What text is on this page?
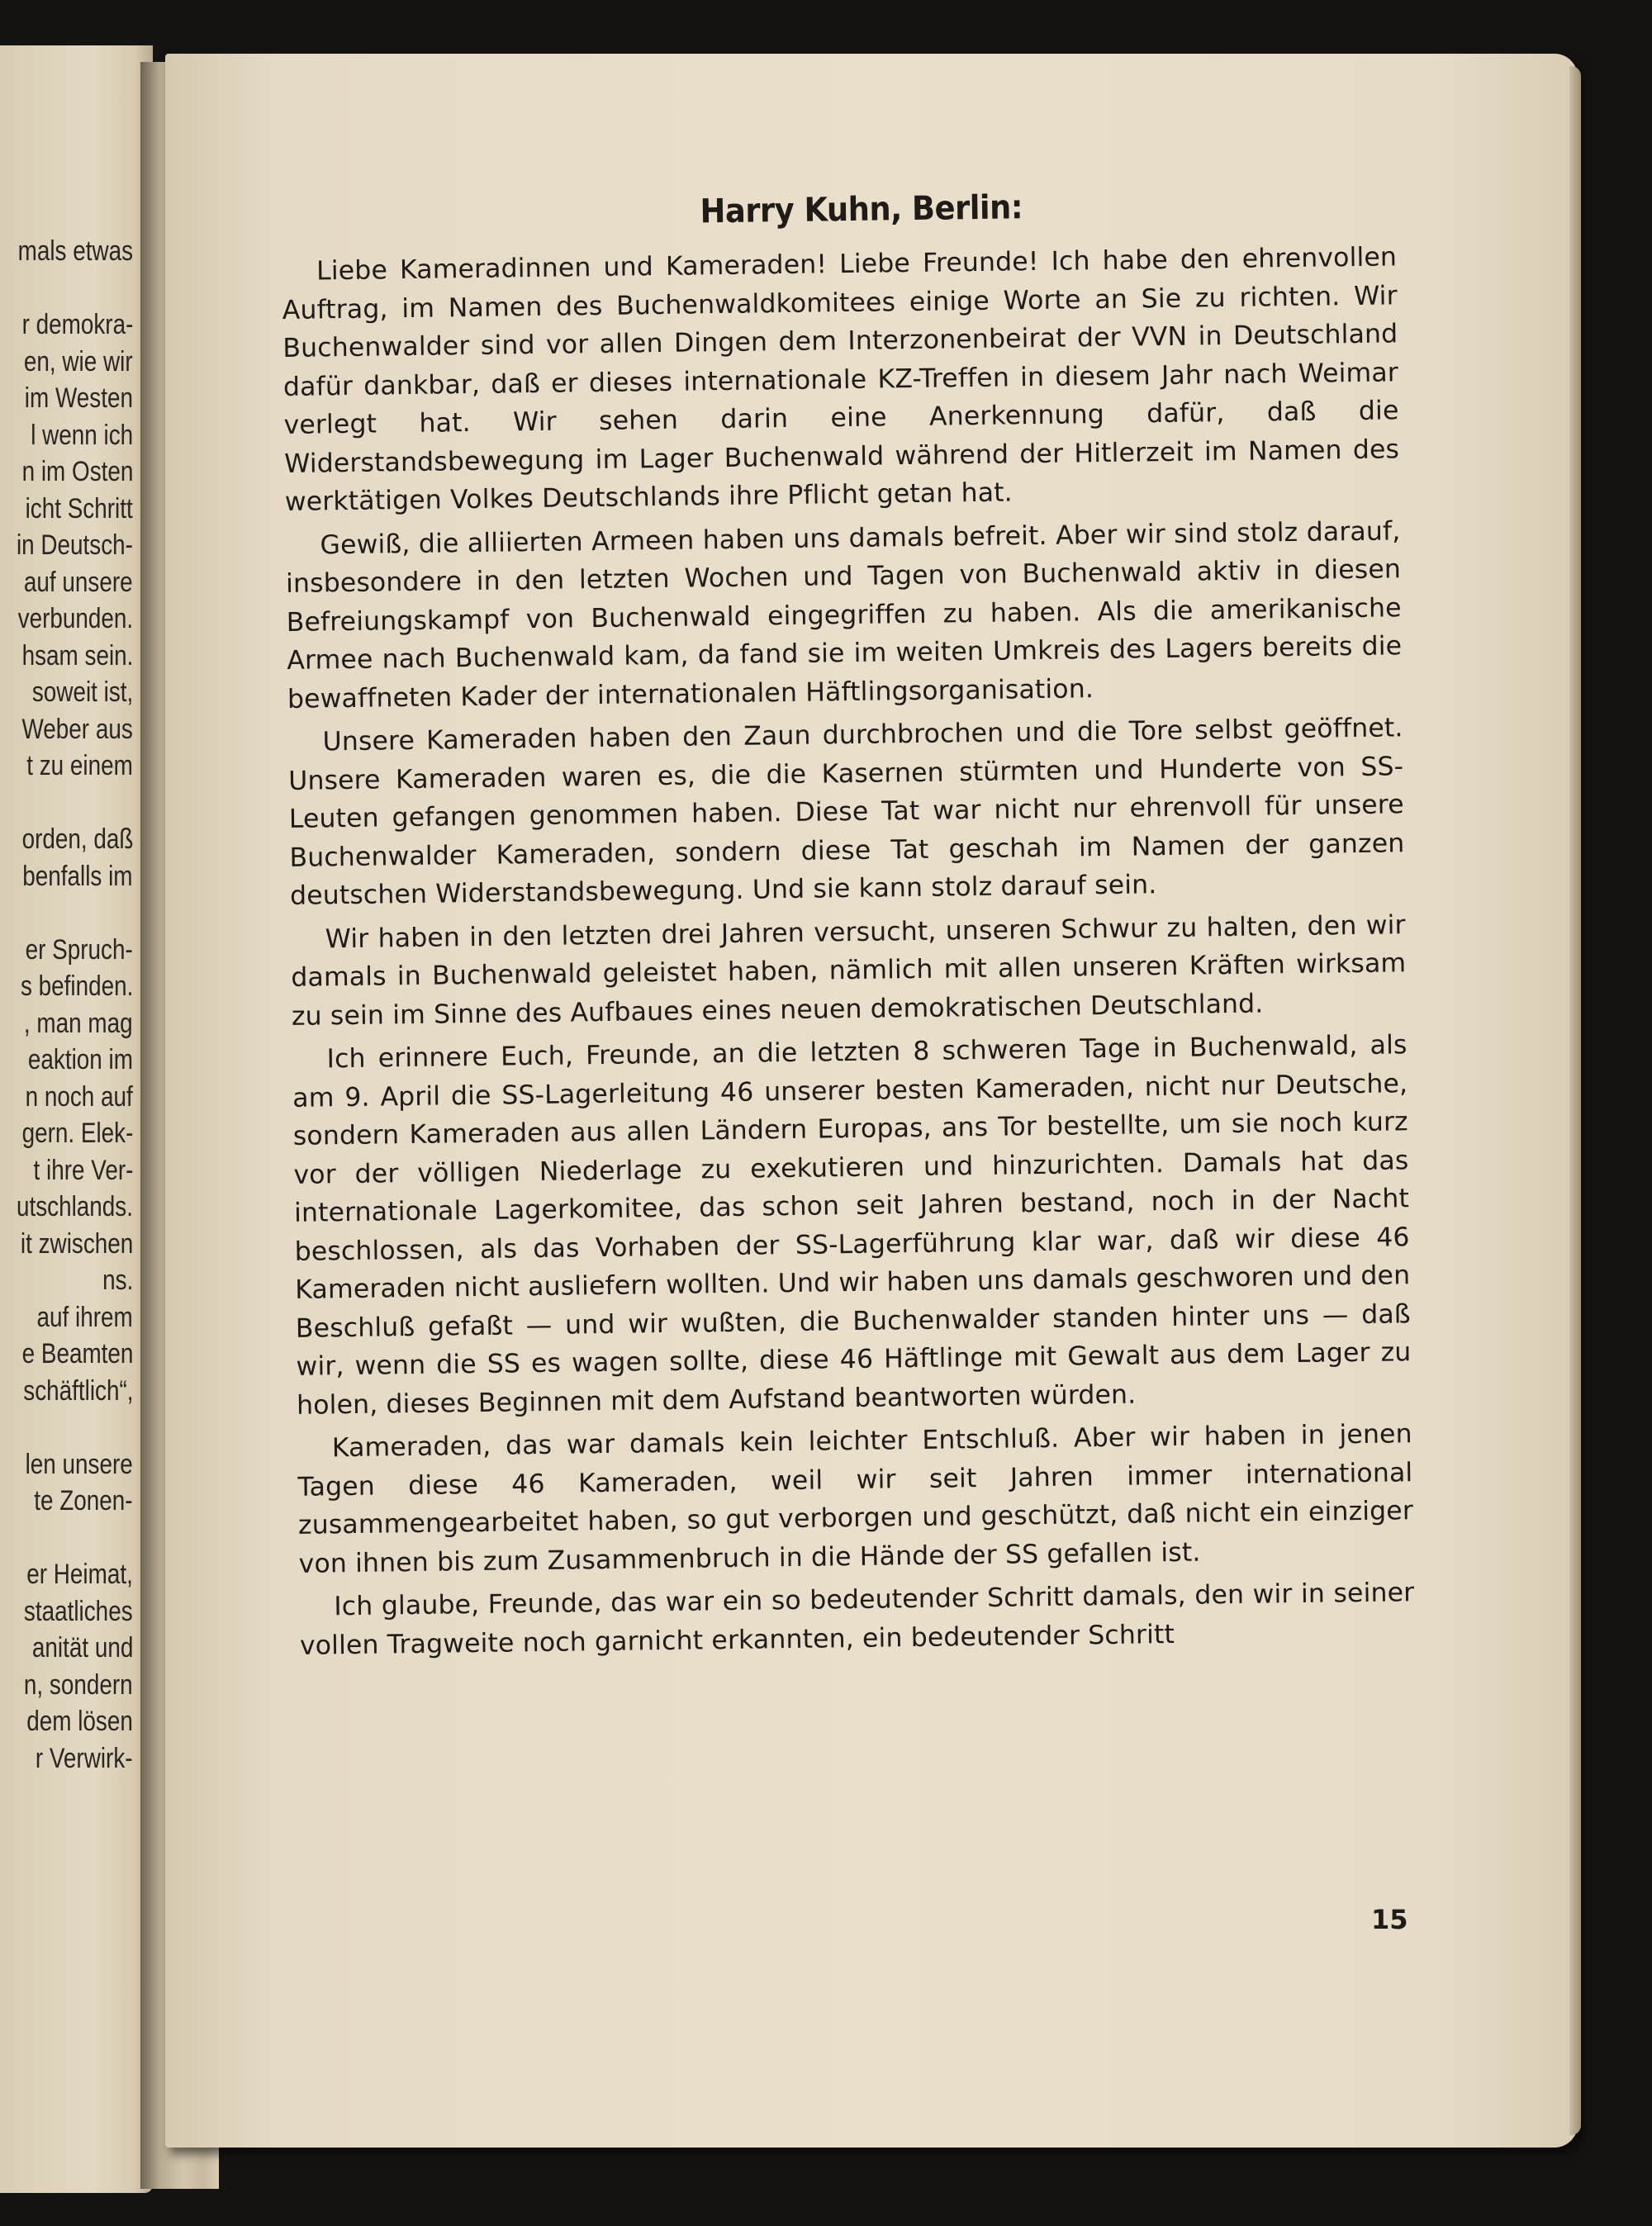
mals etwas
r demokra-
en, wie wir
im Westen
l wenn ich
n im Osten
icht Schritt
in Deutsch-
auf unsere
verbunden.
hsam sein.
soweit ist,
Weber aus
t zu einem
orden, daß
benfalls im
er Spruch-
s befinden.
, man mag
eaktion im
n noch auf
gern. Elek-
t ihre Ver-
utschlands.
it zwischen
ns.
auf ihrem
e Beamten
schäftlich“,
len unsere
te Zonen-
er Heimat,
staatliches
anität und
n, sondern
dem lösen
r Verwirk-
Harry Kuhn, Berlin:

Liebe Kameradinnen und Kameraden! Liebe Freunde! Ich habe den ehrenvollen Auftrag, im Namen des Buchenwaldkomitees einige Worte an Sie zu richten. Wir Buchenwalder sind vor allen Dingen dem Interzonenbeirat der VVN in Deutschland dafür dankbar, daß er dieses internationale KZ-Treffen in diesem Jahr nach Weimar verlegt hat. Wir sehen darin eine Anerkennung dafür, daß die Widerstandsbewegung im Lager Buchenwald während der Hitlerzeit im Namen des werktätigen Volkes Deutschlands ihre Pflicht getan hat.

Gewiß, die alliierten Armeen haben uns damals befreit. Aber wir sind stolz darauf, insbesondere in den letzten Wochen und Tagen von Buchenwald aktiv in diesen Befreiungskampf von Buchenwald eingegriffen zu haben. Als die amerikanische Armee nach Buchenwald kam, da fand sie im weiten Umkreis des Lagers bereits die bewaffneten Kader der internationalen Häftlingsorganisation.

Unsere Kameraden haben den Zaun durchbrochen und die Tore selbst geöffnet. Unsere Kameraden waren es, die die Kasernen stürmten und Hunderte von SS-Leuten gefangen genommen haben. Diese Tat war nicht nur ehrenvoll für unsere Buchenwalder Kameraden, sondern diese Tat geschah im Namen der ganzen deutschen Widerstandsbewegung. Und sie kann stolz darauf sein.

Wir haben in den letzten drei Jahren versucht, unseren Schwur zu halten, den wir damals in Buchenwald geleistet haben, nämlich mit allen unseren Kräften wirksam zu sein im Sinne des Aufbaues eines neuen demokratischen Deutschland.

Ich erinnere Euch, Freunde, an die letzten 8 schweren Tage in Buchenwald, als am 9. April die SS-Lagerleitung 46 unserer besten Kameraden, nicht nur Deutsche, sondern Kameraden aus allen Ländern Europas, ans Tor bestellte, um sie noch kurz vor der völligen Niederlage zu exekutieren und hinzurichten. Damals hat das internationale Lagerkomitee, das schon seit Jahren bestand, noch in der Nacht beschlossen, als das Vorhaben der SS-Lagerführung klar war, daß wir diese 46 Kameraden nicht ausliefern wollten. Und wir haben uns damals geschworen und den Beschluß gefaßt — und wir wußten, die Buchenwalder standen hinter uns — daß wir, wenn die SS es wagen sollte, diese 46 Häftlinge mit Gewalt aus dem Lager zu holen, dieses Beginnen mit dem Aufstand beantworten würden.

Kameraden, das war damals kein leichter Entschluß. Aber wir haben in jenen Tagen diese 46 Kameraden, weil wir seit Jahren immer international zusammengearbeitet haben, so gut verborgen und geschützt, daß nicht ein einziger von ihnen bis zum Zusammenbruch in die Hände der SS gefallen ist.

Ich glaube, Freunde, das war ein so bedeutender Schritt damals, den wir in seiner vollen Tragweite noch garnicht erkannten, ein bedeutender Schritt

15
